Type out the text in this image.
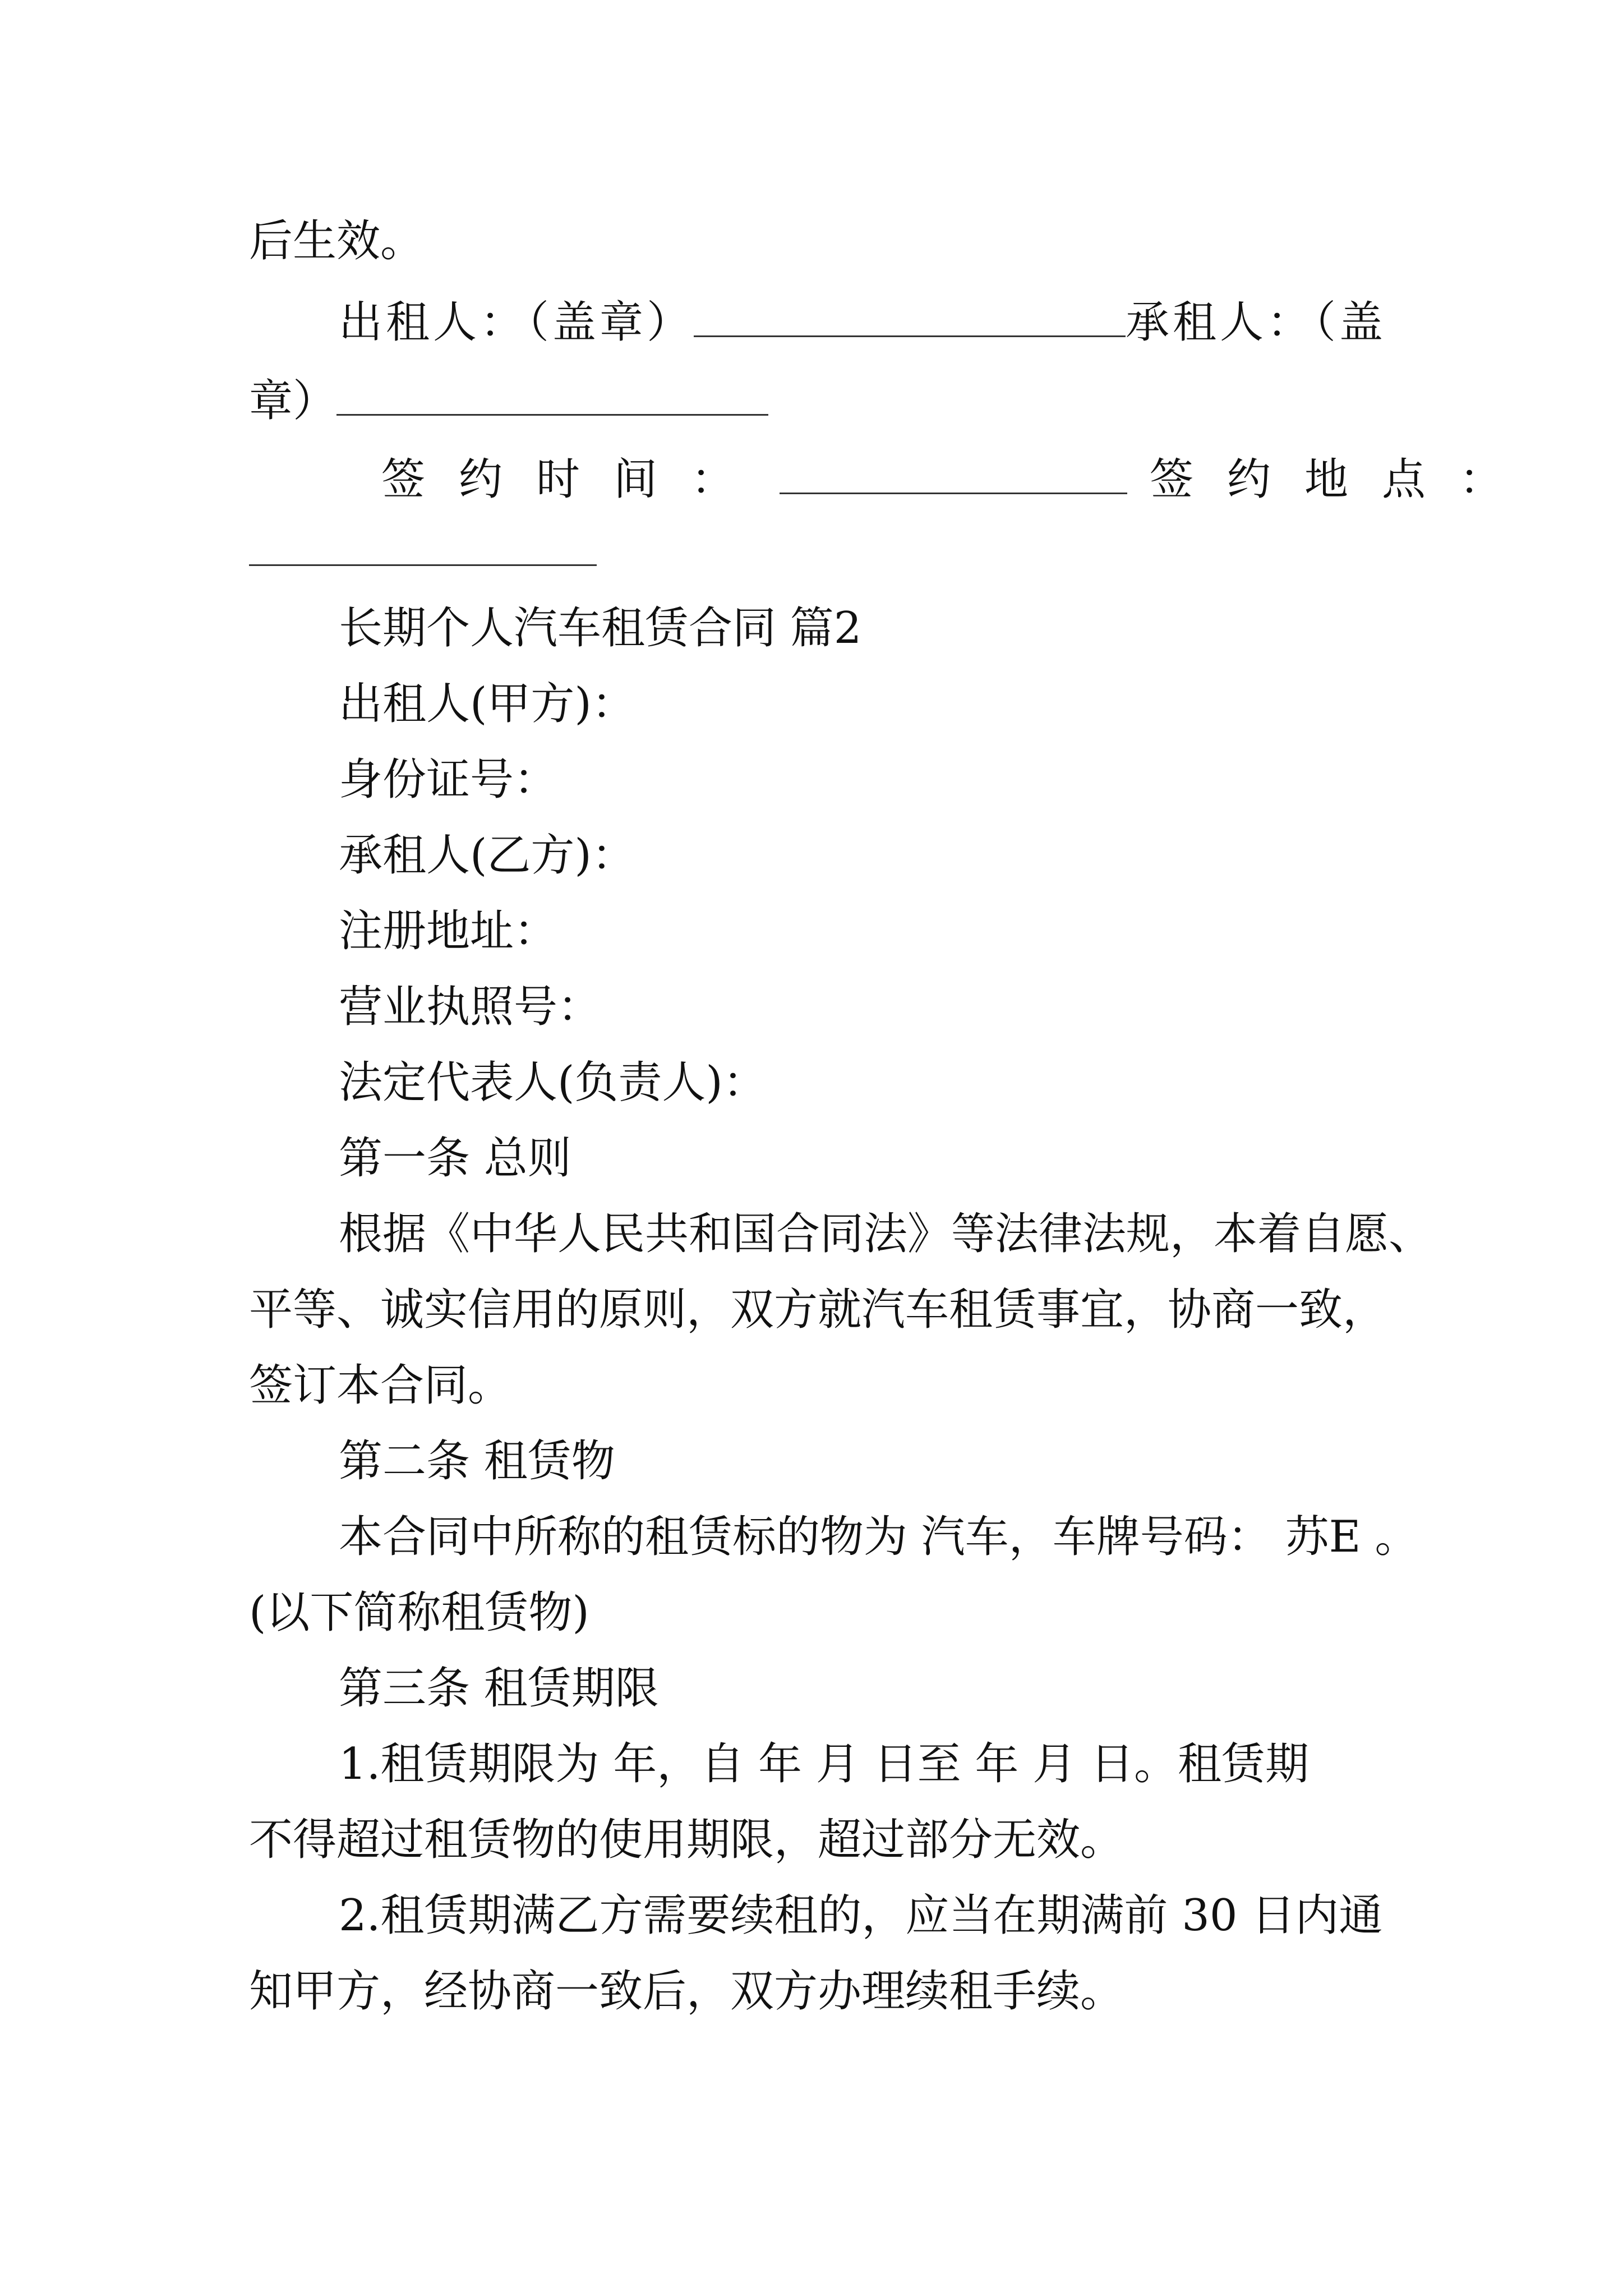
后生效。
出租人：（盖章）	承租人：（盖
章）
签约时间：	签约地点：
长期个人汽车租赁合同 篇2
出租人(甲方)：
身份证号：
承租人(乙方)：
注册地址：
营业执照号：
法定代表人(负责人)：
第一条 总则
根据《中华人民共和国合同法》等法律法规，本着自愿、
平等、诚实信用的原则，双方就汽车租赁事宜，协商一致，
签订本合同。
第二条 租赁物
本合同中所称的租赁标的物为 汽车，车牌号码： 苏E 。
(以下简称租赁物)
第三条 租赁期限
1.租赁期限为 年，自 年 月 日至 年 月 日。租赁期
不得超过租赁物的使用期限，超过部分无效。
2.租赁期满乙方需要续租的，应当在期满前 30 日内通
知甲方，经协商一致后，双方办理续租手续。
